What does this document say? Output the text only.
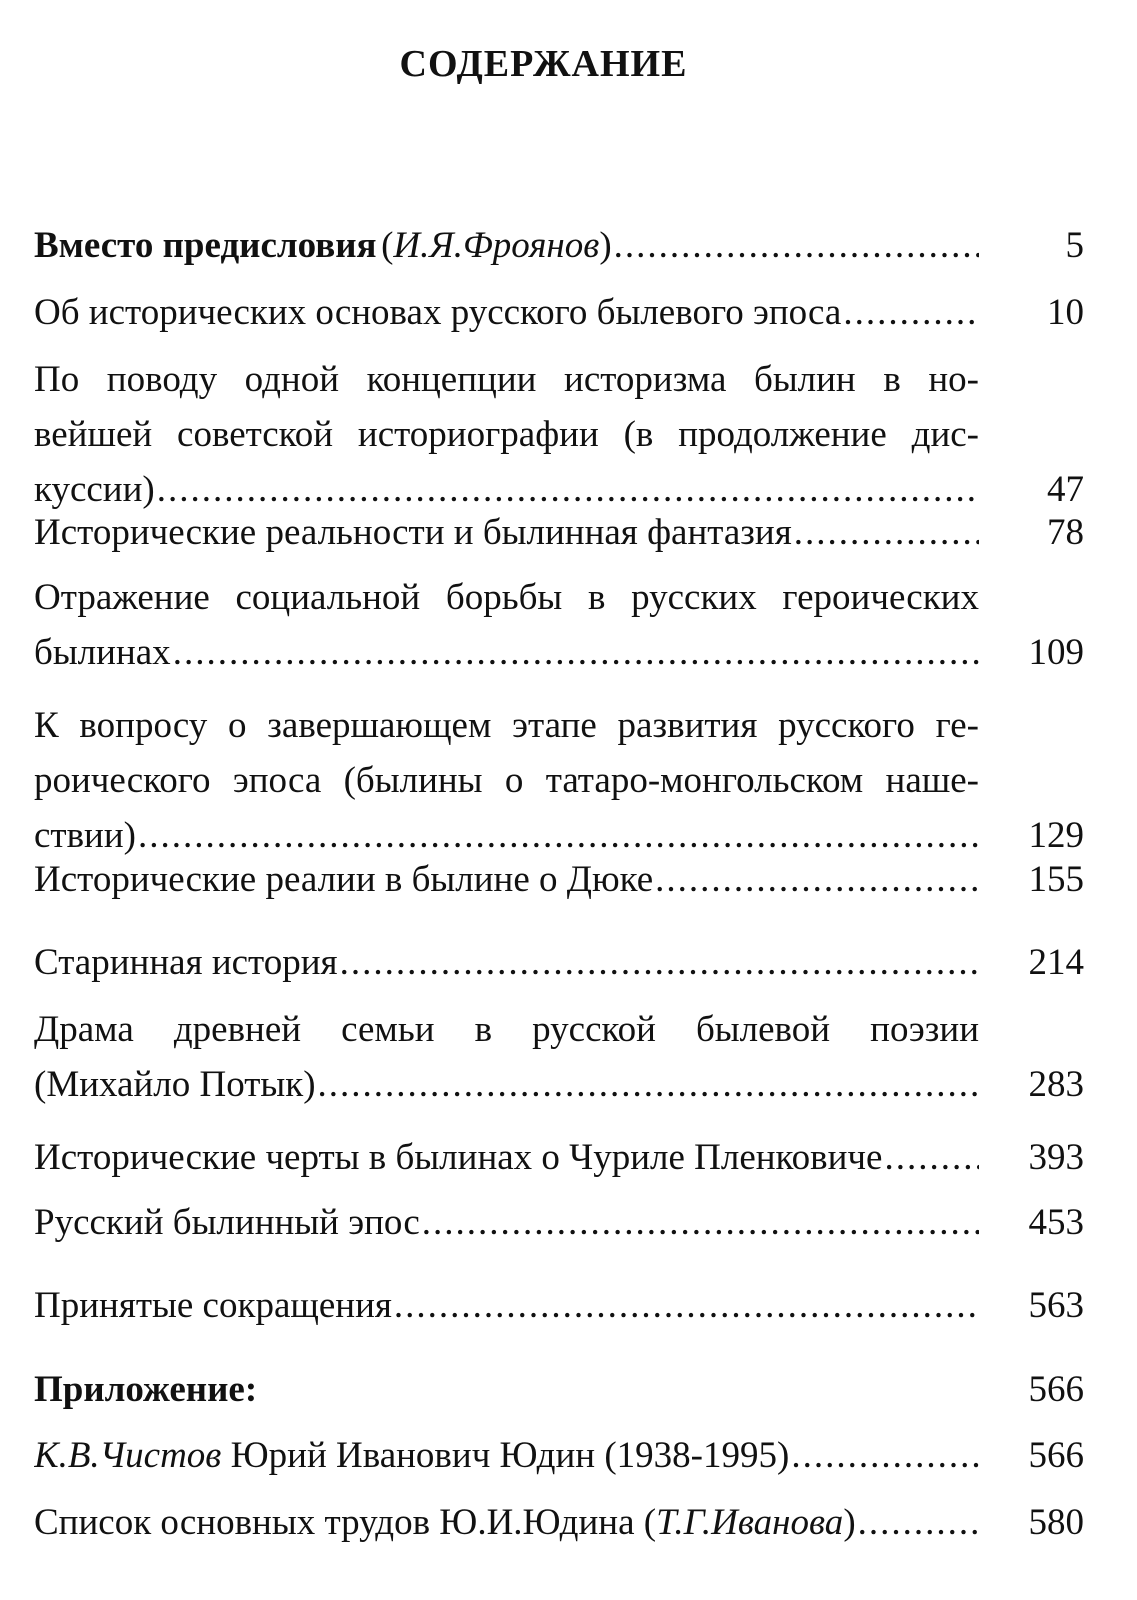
СОДЕРЖАНИЕ
Вместо предисловия ( И.Я.Фроянов ) .....	5
Об исторических основах русского былевого эпоса .....	10
По поводу одной концепции историзма былин в но-
вейшей советской историографии (в продолжение дис-
куссии) .....	47
Исторические реальности и былинная фантазия .....	78
Отражение социальной борьбы в русских героических
былинах .....	109
К вопросу о завершающем этапе развития русского ге-
роического эпоса (былины о татаро-монгольском наше-
ствии) .....	129
Исторические реалии в былине о Дюке .....	155
Старинная история .....	214
Драма древней семьи в русской былевой поэзии
(Михайло Потык) .....	283
Исторические черты в былинах о Чуриле Пленковиче .....	393
Русский былинный эпос .....	453
Принятые сокращения .....	563
Приложение:	566
К.В.Чистов Юрий Иванович Юдин (1938-1995) .....	566
Список основных трудов Ю.И.Юдина ( Т.Г.Иванова ) .....	580
